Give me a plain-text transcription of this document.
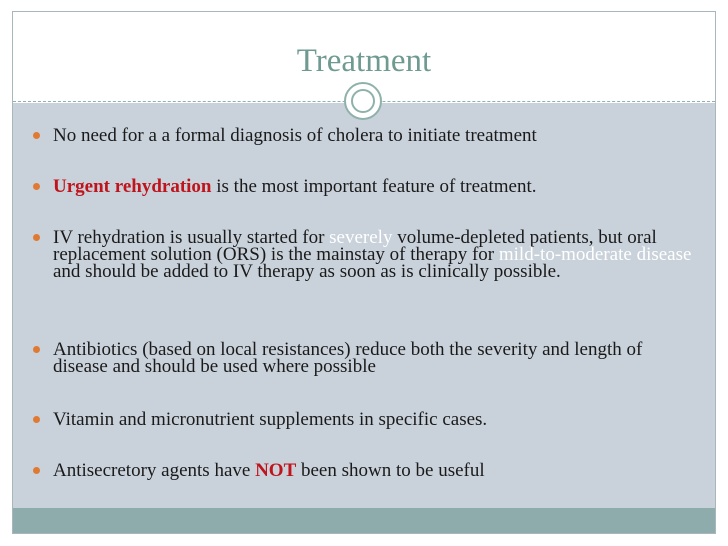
Treatment
No need for a a formal diagnosis of cholera to initiate treatment
Urgent rehydration is the most important feature of treatment.
IV rehydration is usually started for severely volume-depleted patients, but oral replacement solution (ORS) is the mainstay of therapy for mild-to-moderate disease and should be added to IV therapy as soon as is clinically possible.
Antibiotics (based on local resistances) reduce both the severity and length of disease and should be used where possible
Vitamin and micronutrient supplements in specific cases.
Antisecretory agents have NOT been shown to be useful
